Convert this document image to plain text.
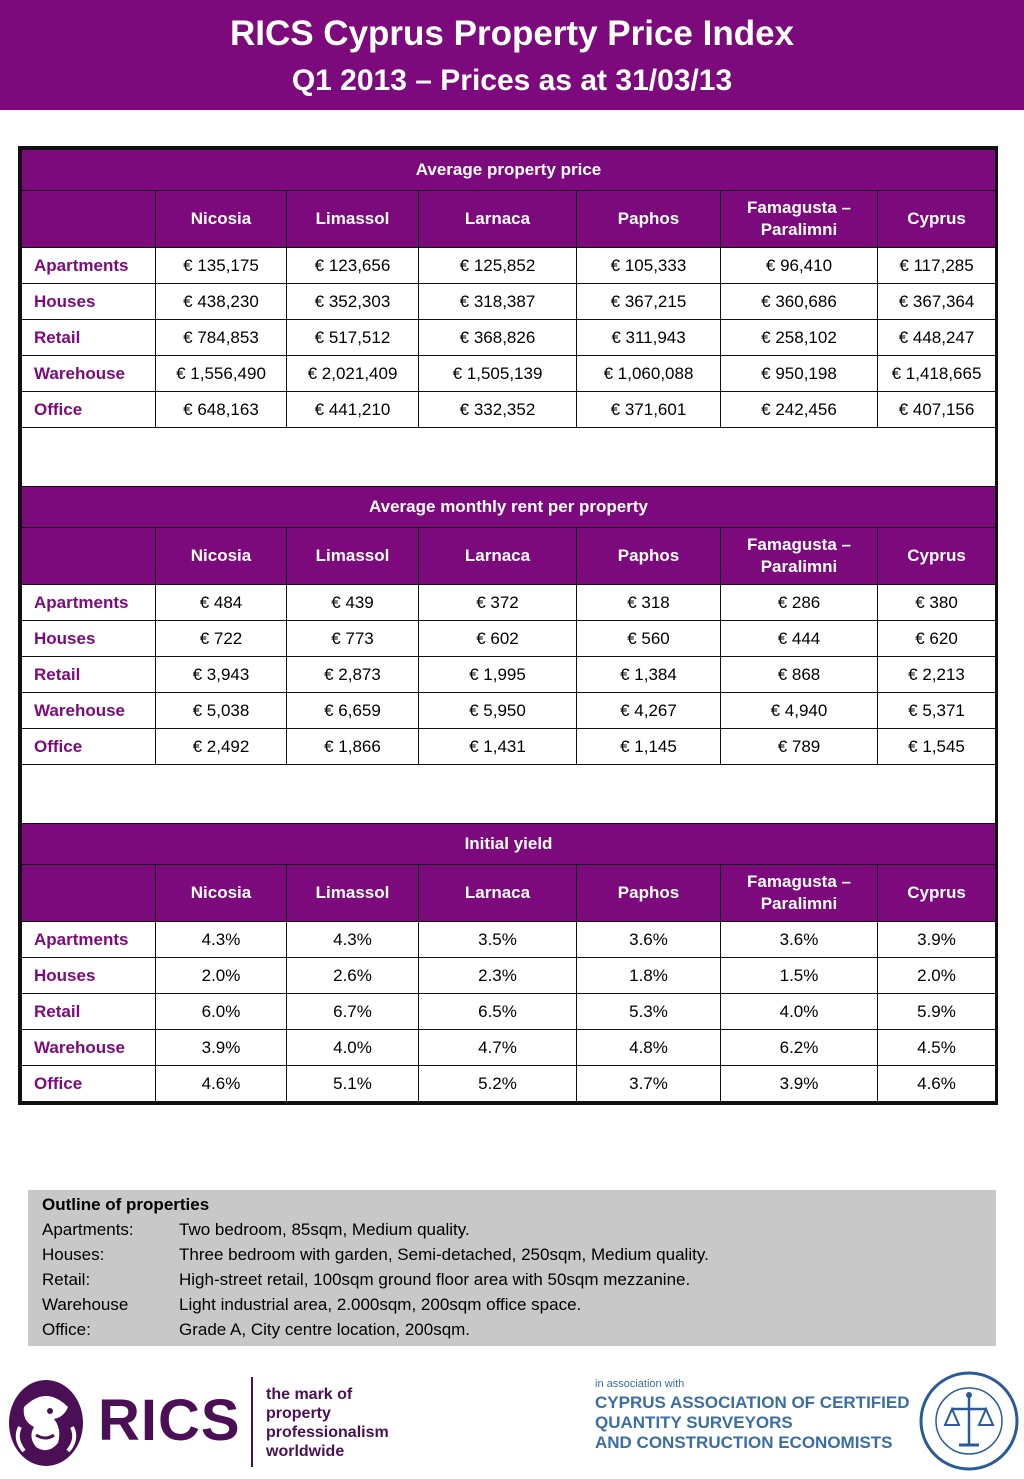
RICS Cyprus Property Price Index
Q1 2013 – Prices as at 31/03/13
Average property price						
	Nicosia	Limassol	Larnaca	Paphos	Famagusta – Paralimni	Cyprus
Apartments	€ 135,175	€ 123,656	€ 125,852	€ 105,333	€ 96,410	€ 117,285
Houses	€ 438,230	€ 352,303	€ 318,387	€ 367,215	€ 360,686	€ 367,364
Retail	€ 784,853	€ 517,512	€ 368,826	€ 311,943	€ 258,102	€ 448,247
Warehouse	€ 1,556,490	€ 2,021,409	€ 1,505,139	€ 1,060,088	€ 950,198	€ 1,418,665
Office	€ 648,163	€ 441,210	€ 332,352	€ 371,601	€ 242,456	€ 407,156

Average monthly rent per property						
	Nicosia	Limassol	Larnaca	Paphos	Famagusta – Paralimni	Cyprus
Apartments	€ 484	€ 439	€ 372	€ 318	€ 286	€ 380
Houses	€ 722	€ 773	€ 602	€ 560	€ 444	€ 620
Retail	€ 3,943	€ 2,873	€ 1,995	€ 1,384	€ 868	€ 2,213
Warehouse	€ 5,038	€ 6,659	€ 5,950	€ 4,267	€ 4,940	€ 5,371
Office	€ 2,492	€ 1,866	€ 1,431	€ 1,145	€ 789	€ 1,545

Initial yield						
	Nicosia	Limassol	Larnaca	Paphos	Famagusta – Paralimni	Cyprus
Apartments	4.3%	4.3%	3.5%	3.6%	3.6%	3.9%
Houses	2.0%	2.6%	2.3%	1.8%	1.5%	2.0%
Retail	6.0%	6.7%	6.5%	5.3%	4.0%	5.9%
Warehouse	3.9%	4.0%	4.7%	4.8%	6.2%	4.5%
Office	4.6%	5.1%	5.2%	3.7%	3.9%	4.6%
Outline of properties
Apartments:	Two bedroom, 85sqm, Medium quality.
Houses:	Three bedroom with garden, Semi-detached, 250sqm, Medium quality.
Retail:	High-street retail, 100sqm ground floor area with 50sqm mezzanine.
Warehouse	Light industrial area, 2.000sqm, 200sqm office space.
Office:	Grade A, City centre location, 200sqm.
RICS the mark of
property
professionalism
worldwide
in association with
CYPRUS ASSOCIATION OF CERTIFIED
QUANTITY SURVEYORS
AND CONSTRUCTION ECONOMISTS
